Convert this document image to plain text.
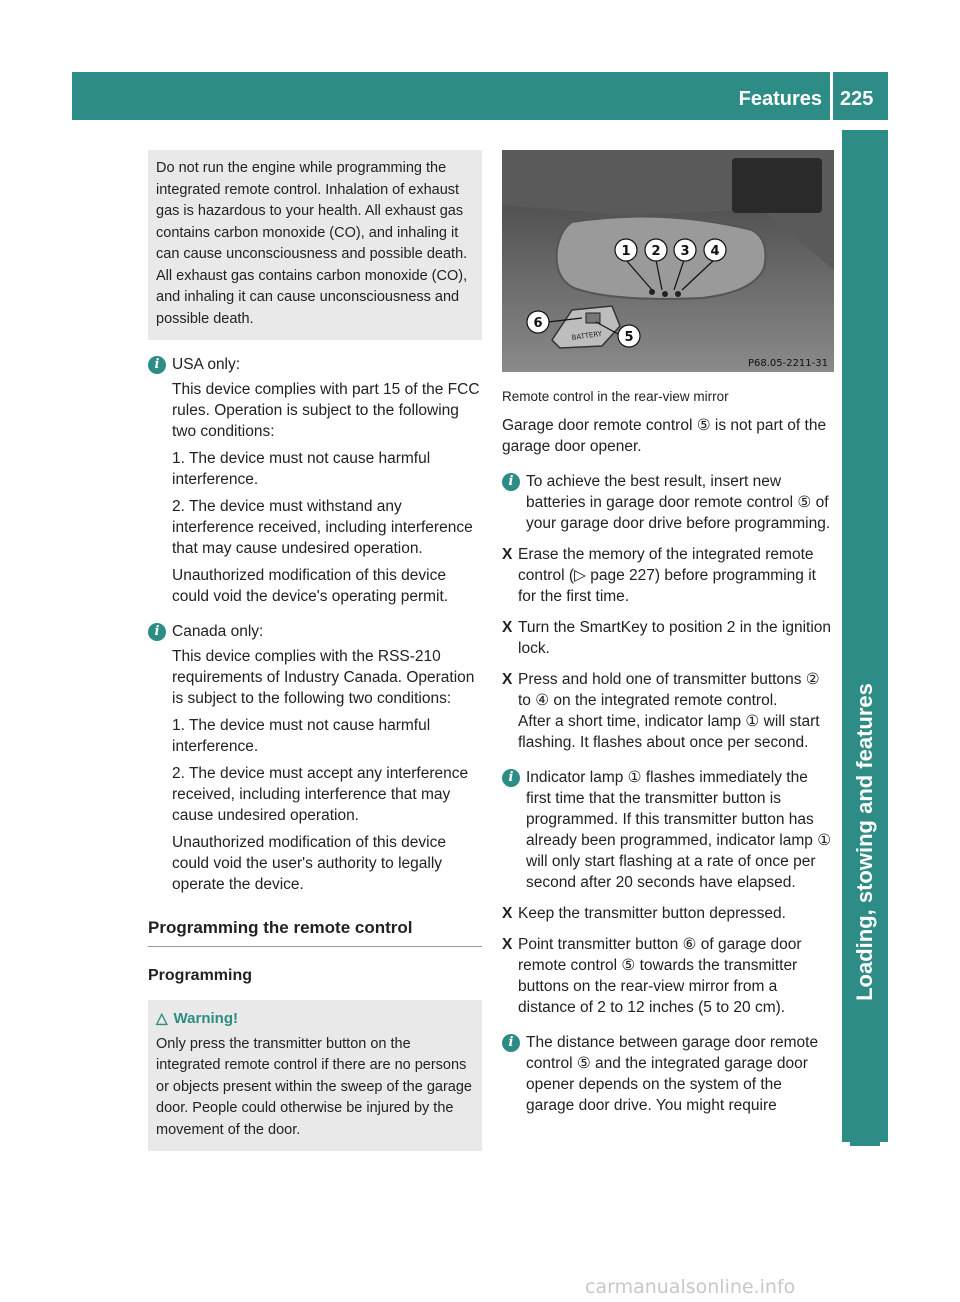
Features 225
Loading, stowing and features
Do not run the engine while programming the integrated remote control. Inhalation of exhaust gas is hazardous to your health. All exhaust gas contains carbon monoxide (CO), and inhaling it can cause unconsciousness and possible death. All exhaust gas contains carbon monoxide (CO), and inhaling it can cause unconsciousness and possible death.
i USA only:

This device complies with part 15 of the FCC rules. Operation is subject to the following two conditions:

1. The device must not cause harmful interference.

2. The device must withstand any interference received, including interference that may cause undesired operation.

Unauthorized modification of this device could void the device's operating permit.

i Canada only:

This device complies with the RSS-210 requirements of Industry Canada. Operation is subject to the following two conditions:

1. The device must not cause harmful interference.

2. The device must accept any interference received, including interference that may cause undesired operation.

Unauthorized modification of this device could void the user's authority to legally operate the device.

Programming the remote control
Programming
△ Warning!
Only press the transmitter button on the integrated remote control if there are no persons or objects present within the sweep of the garage door. People could otherwise be injured by the movement of the door.
1 2 3 4
BATTERY
6
5
P68.05-2211-31
Remote control in the rear-view mirror
Garage door remote control ⑤ is not part of the garage door opener.
i To achieve the best result, insert new batteries in garage door remote control ⑤ of your garage door drive before programming.

X Erase the memory of the integrated remote control (▷ page 227) before programming it for the first time.
X Turn the SmartKey to position 2 in the ignition lock.
X Press and hold one of transmitter buttons ② to ④ on the integrated remote control.
After a short time, indicator lamp ① will start flashing. It flashes about once per second.
i Indicator lamp ① flashes immediately the first time that the transmitter button is programmed. If this transmitter button has already been programmed, indicator lamp ① will only start flashing at a rate of once per second after 20 seconds have elapsed.

X Keep the transmitter button depressed.
X Point transmitter button ⑥ of garage door remote control ⑤ towards the transmitter buttons on the rear-view mirror from a distance of 2 to 12 inches (5 to 20 cm).
i The distance between garage door remote control ⑤ and the integrated garage door opener depends on the system of the garage door drive. You might require

carmanualsonline.info
